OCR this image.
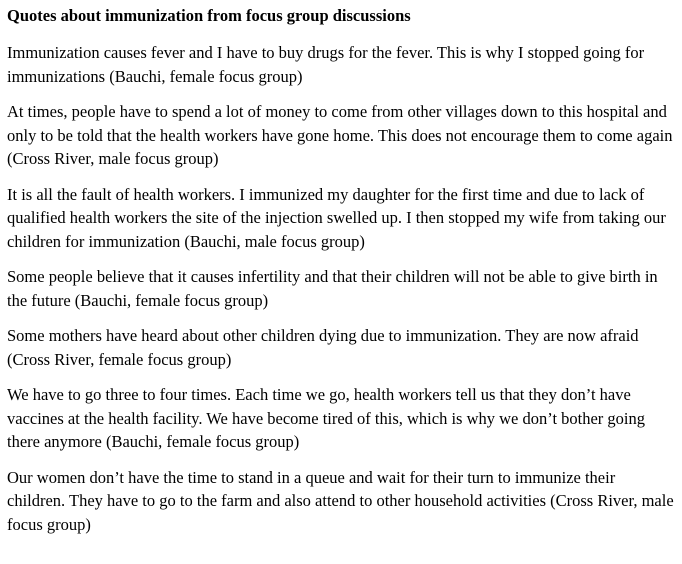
Quotes about immunization from focus group discussions

Immunization causes fever and I have to buy drugs for the fever. This is why I stopped going for immunizations (Bauchi, female focus group)

At times, people have to spend a lot of money to come from other villages down to this hospital and only to be told that the health workers have gone home. This does not encourage them to come again (Cross River, male focus group)

It is all the fault of health workers. I immunized my daughter for the first time and due to lack of qualified health workers the site of the injection swelled up. I then stopped my wife from taking our children for immunization (Bauchi, male focus group)

Some people believe that it causes infertility and that their children will not be able to give birth in the future (Bauchi, female focus group)

Some mothers have heard about other children dying due to immunization. They are now afraid (Cross River, female focus group)

We have to go three to four times. Each time we go, health workers tell us that they don’t have vaccines at the health facility. We have become tired of this, which is why we don’t bother going there anymore (Bauchi, female focus group)

Our women don’t have the time to stand in a queue and wait for their turn to immunize their children. They have to go to the farm and also attend to other household activities (Cross River, male focus group)
